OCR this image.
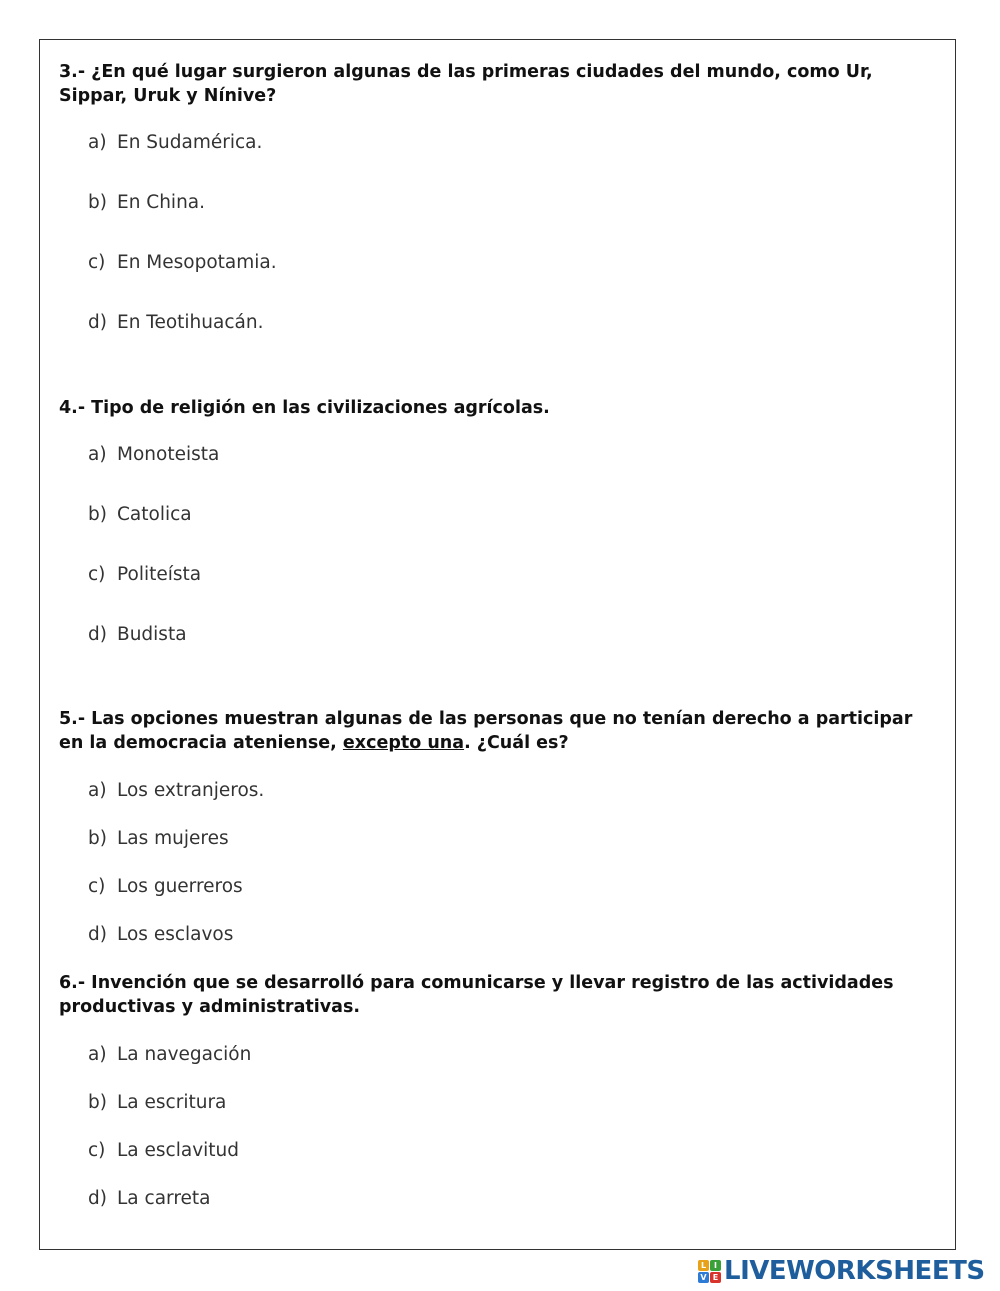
3.- ¿En qué lugar surgieron algunas de las primeras ciudades del mundo, como Ur, Sippar, Uruk y Nínive?
a) En Sudamérica.
b) En China.
c) En Mesopotamia.
d) En Teotihuacán.
4.- Tipo de religión en las civilizaciones agrícolas.
a) Monoteista
b) Catolica
c) Politeísta
d) Budista
5.- Las opciones muestran algunas de las personas que no tenían derecho a participar en la democracia ateniense, excepto una. ¿Cuál es?
a) Los extranjeros.
b) Las mujeres
c) Los guerreros
d) Los esclavos
6.- Invención que se desarrolló para comunicarse y llevar registro de las actividades productivas y administrativas.
a) La navegación
b) La escritura
c) La esclavitud
d) La carreta
L I
V E LIVEWORKSHEETS
